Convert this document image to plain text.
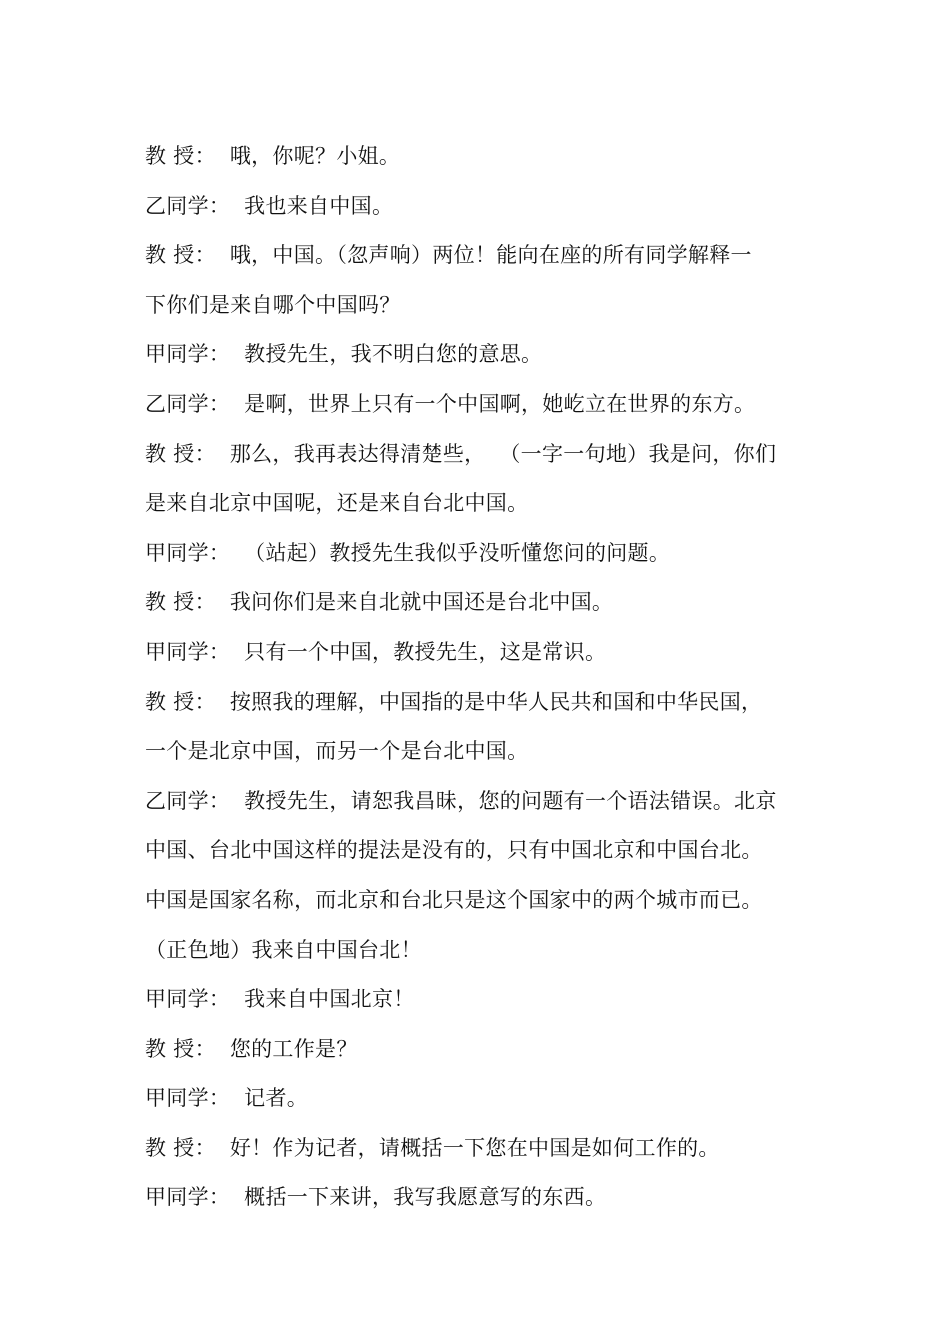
教 授：  哦，你呢？小姐。
乙同学：  我也来自中国。
教 授：  哦，中国。（忽声响）两位！能向在座的所有同学解释一
下你们是来自哪个中国吗？
甲同学：  教授先生，我不明白您的意思。
乙同学：  是啊，世界上只有一个中国啊，她屹立在世界的东方。
教 授：  那么，我再表达得清楚些，  （一字一句地）我是问，你们
是来自北京中国呢，还是来自台北中国。
甲同学：  （站起）教授先生我似乎没听懂您问的问题。
教 授：  我问你们是来自北就中国还是台北中国。
甲同学：  只有一个中国，教授先生，这是常识。
教 授：  按照我的理解，中国指的是中华人民共和国和中华民国，
一个是北京中国，而另一个是台北中国。
乙同学：  教授先生，请恕我昌昧，您的问题有一个语法错误。北京
中国、台北中国这样的提法是没有的，只有中国北京和中国台北。
中国是国家名称，而北京和台北只是这个国家中的两个城市而已。
（正色地）我来自中国台北！
甲同学：  我来自中国北京！
教 授：  您的工作是？
甲同学：  记者。
教 授：  好！作为记者，请概括一下您在中国是如何工作的。
甲同学：  概括一下来讲，我写我愿意写的东西。
